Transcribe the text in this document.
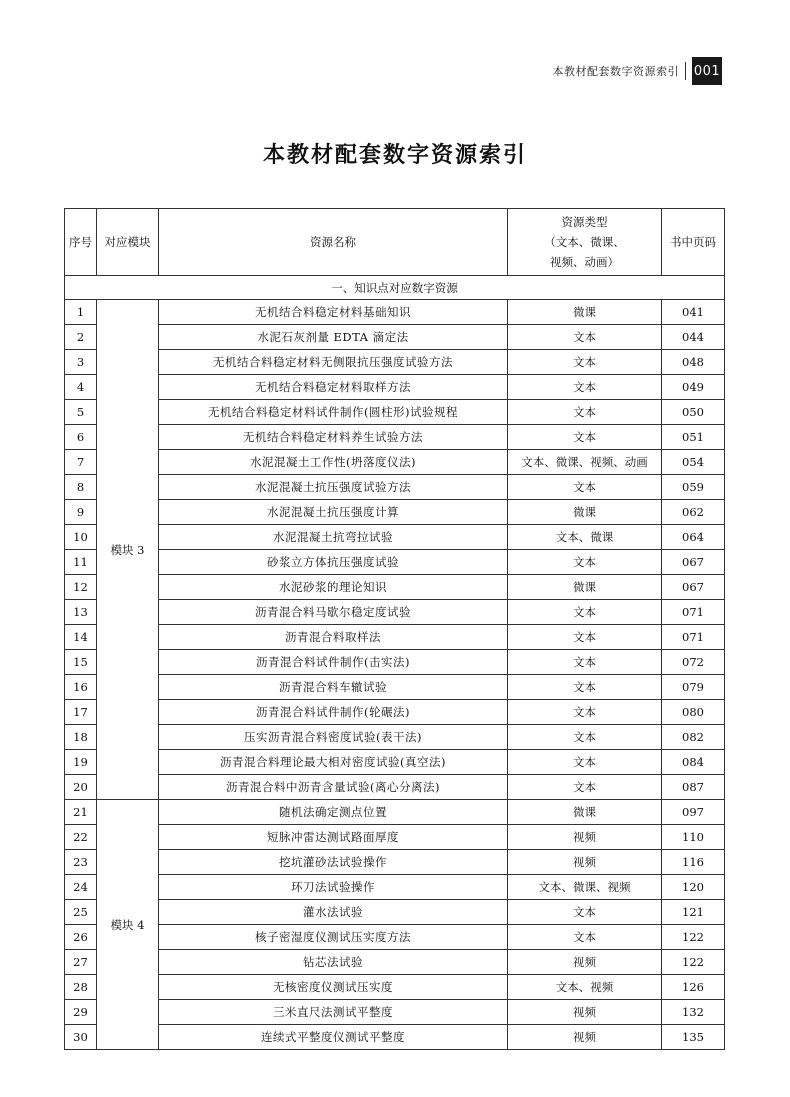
本教材配套数字资源索引 001
本教材配套数字资源索引
序号	对应模块	资源名称	资源类型
（文本、微课、
视频、动画）	书中页码
一、知识点对应数字资源				
1	模块 3	无机结合料稳定材料基础知识	微课	041
2		水泥石灰剂量 EDTA 滴定法	文本	044
3		无机结合料稳定材料无侧限抗压强度试验方法	文本	048
4		无机结合料稳定材料取样方法	文本	049
5		无机结合料稳定材料试件制作(圆柱形)试验规程	文本	050
6		无机结合料稳定材料养生试验方法	文本	051
7		水泥混凝土工作性(坍落度仪法)	文本、微课、视频、动画	054
8		水泥混凝土抗压强度试验方法	文本	059
9		水泥混凝土抗压强度计算	微课	062
10		水泥混凝土抗弯拉试验	文本、微课	064
11		砂浆立方体抗压强度试验	文本	067
12		水泥砂浆的理论知识	微课	067
13		沥青混合料马歇尔稳定度试验	文本	071
14		沥青混合料取样法	文本	071
15		沥青混合料试件制作(击实法)	文本	072
16		沥青混合料车辙试验	文本	079
17		沥青混合料试件制作(轮碾法)	文本	080
18		压实沥青混合料密度试验(表干法)	文本	082
19		沥青混合料理论最大相对密度试验(真空法)	文本	084
20		沥青混合料中沥青含量试验(离心分离法)	文本	087
21	模块 4	随机法确定测点位置	微课	097
22		短脉冲雷达测试路面厚度	视频	110
23		挖坑灌砂法试验操作	视频	116
24		环刀法试验操作	文本、微课、视频	120
25		灌水法试验	文本	121
26		核子密湿度仪测试压实度方法	文本	122
27		钻芯法试验	视频	122
28		无核密度仪测试压实度	文本、视频	126
29		三米直尺法测试平整度	视频	132
30		连续式平整度仪测试平整度	视频	135
